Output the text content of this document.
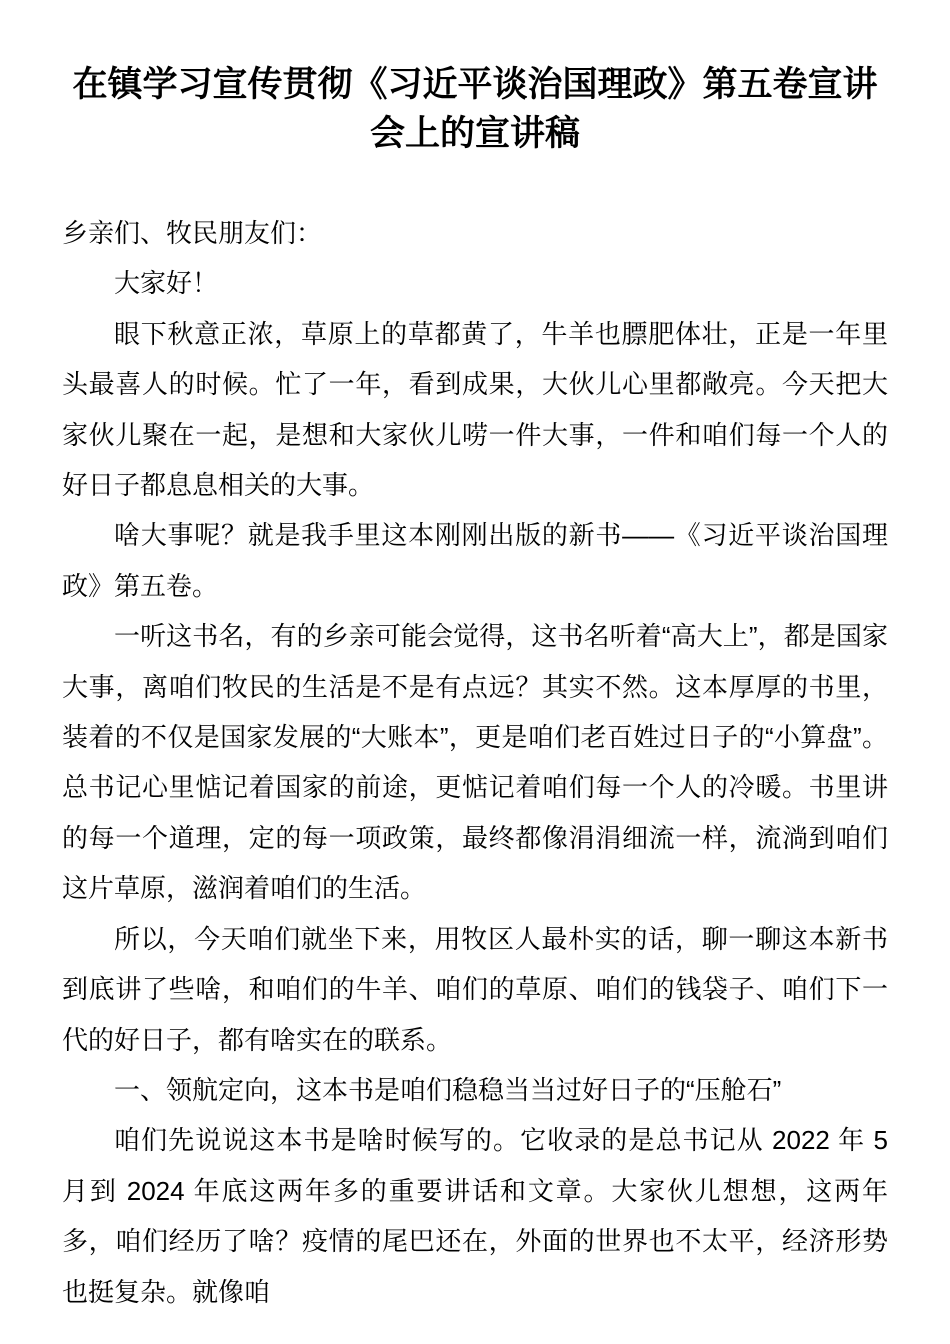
在镇学习宣传贯彻《习近平谈治国理政》第五卷宣讲会上的宣讲稿

乡亲们、牧民朋友们：

大家好！

眼下秋意正浓，草原上的草都黄了，牛羊也膘肥体壮，正是一年里头最喜人的时候。忙了一年，看到成果，大伙儿心里都敞亮。今天把大家伙儿聚在一起，是想和大家伙儿唠一件大事，一件和咱们每一个人的好日子都息息相关的大事。

啥大事呢？就是我手里这本刚刚出版的新书——《习近平谈治国理政》第五卷。

一听这书名，有的乡亲可能会觉得，这书名听着“高大上”，都是国家大事，离咱们牧民的生活是不是有点远？其实不然。这本厚厚的书里，装着的不仅是国家发展的“大账本”，更是咱们老百姓过日子的“小算盘”。总书记心里惦记着国家的前途，更惦记着咱们每一个人的冷暖。书里讲的每一个道理，定的每一项政策，最终都像涓涓细流一样，流淌到咱们这片草原，滋润着咱们的生活。

所以，今天咱们就坐下来，用牧区人最朴实的话，聊一聊这本新书到底讲了些啥，和咱们的牛羊、咱们的草原、咱们的钱袋子、咱们下一代的好日子，都有啥实在的联系。

一、领航定向，这本书是咱们稳稳当当过好日子的“压舱石”

咱们先说说这本书是啥时候写的。它收录的是总书记从 2022 年 5 月到 2024 年底这两年多的重要讲话和文章。大家伙儿想想，这两年多，咱们经历了啥？疫情的尾巴还在，外面的世界也不太平，经济形势也挺复杂。就像咱
